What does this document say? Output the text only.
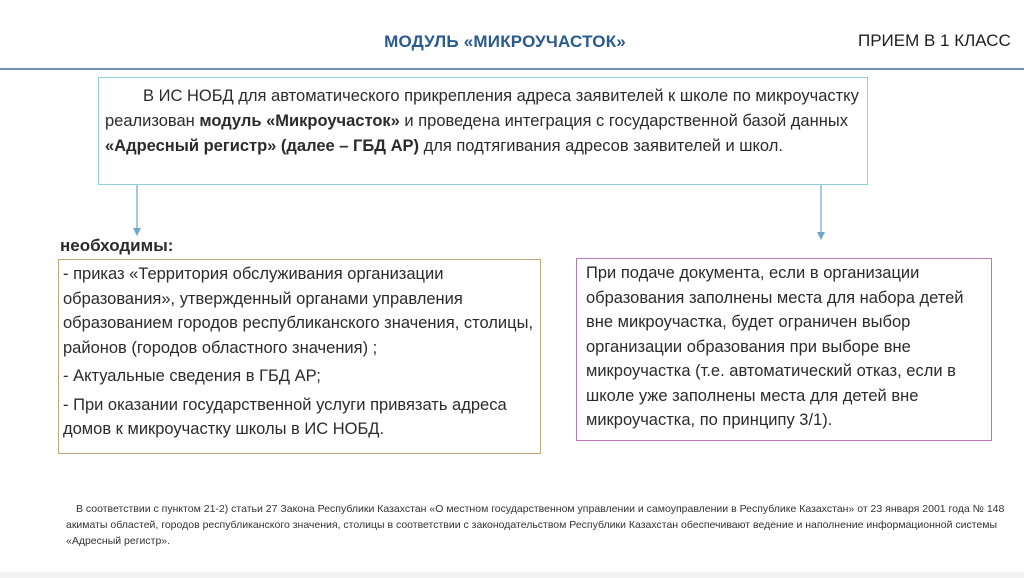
МОДУЛЬ «МИКРОУЧАСТОК»	ПРИЕМ В 1 КЛАСС
В ИС НОБД для автоматического прикрепления адреса заявителей к школе по микроучастку реализован модуль «Микроучасток» и проведена интеграция с государственной базой данных «Адресный регистр» (далее – ГБД АР) для подтягивания адресов заявителей и школ.
необходимы:

- приказ «Территория обслуживания организации образования», утвержденный органами управления образованием городов республиканского значения, столицы, районов (городов областного значения) ;

- Актуальные сведения в ГБД АР;

- При оказании государственной услуги привязать адреса домов к микроучастку школы в ИС НОБД.

При подаче документа, если в организации образования заполнены места для набора детей вне микроучастка, будет ограничен выбор организации образования при выборе вне микроучастка (т.е. автоматический отказ, если в школе уже заполнены места для детей вне микроучастка, по принципу 3/1).
В соответствии с пунктом 21-2) статьи 27 Закона Республики Казахстан «О местном государственном управлении и самоуправлении в Республике Казахстан» от 23 января 2001 года № 148 акиматы областей, городов республиканского значения, столицы в соответствии с законодательством Республики Казахстан обеспечивают ведение и наполнение информационной системы «Адресный регистр».
